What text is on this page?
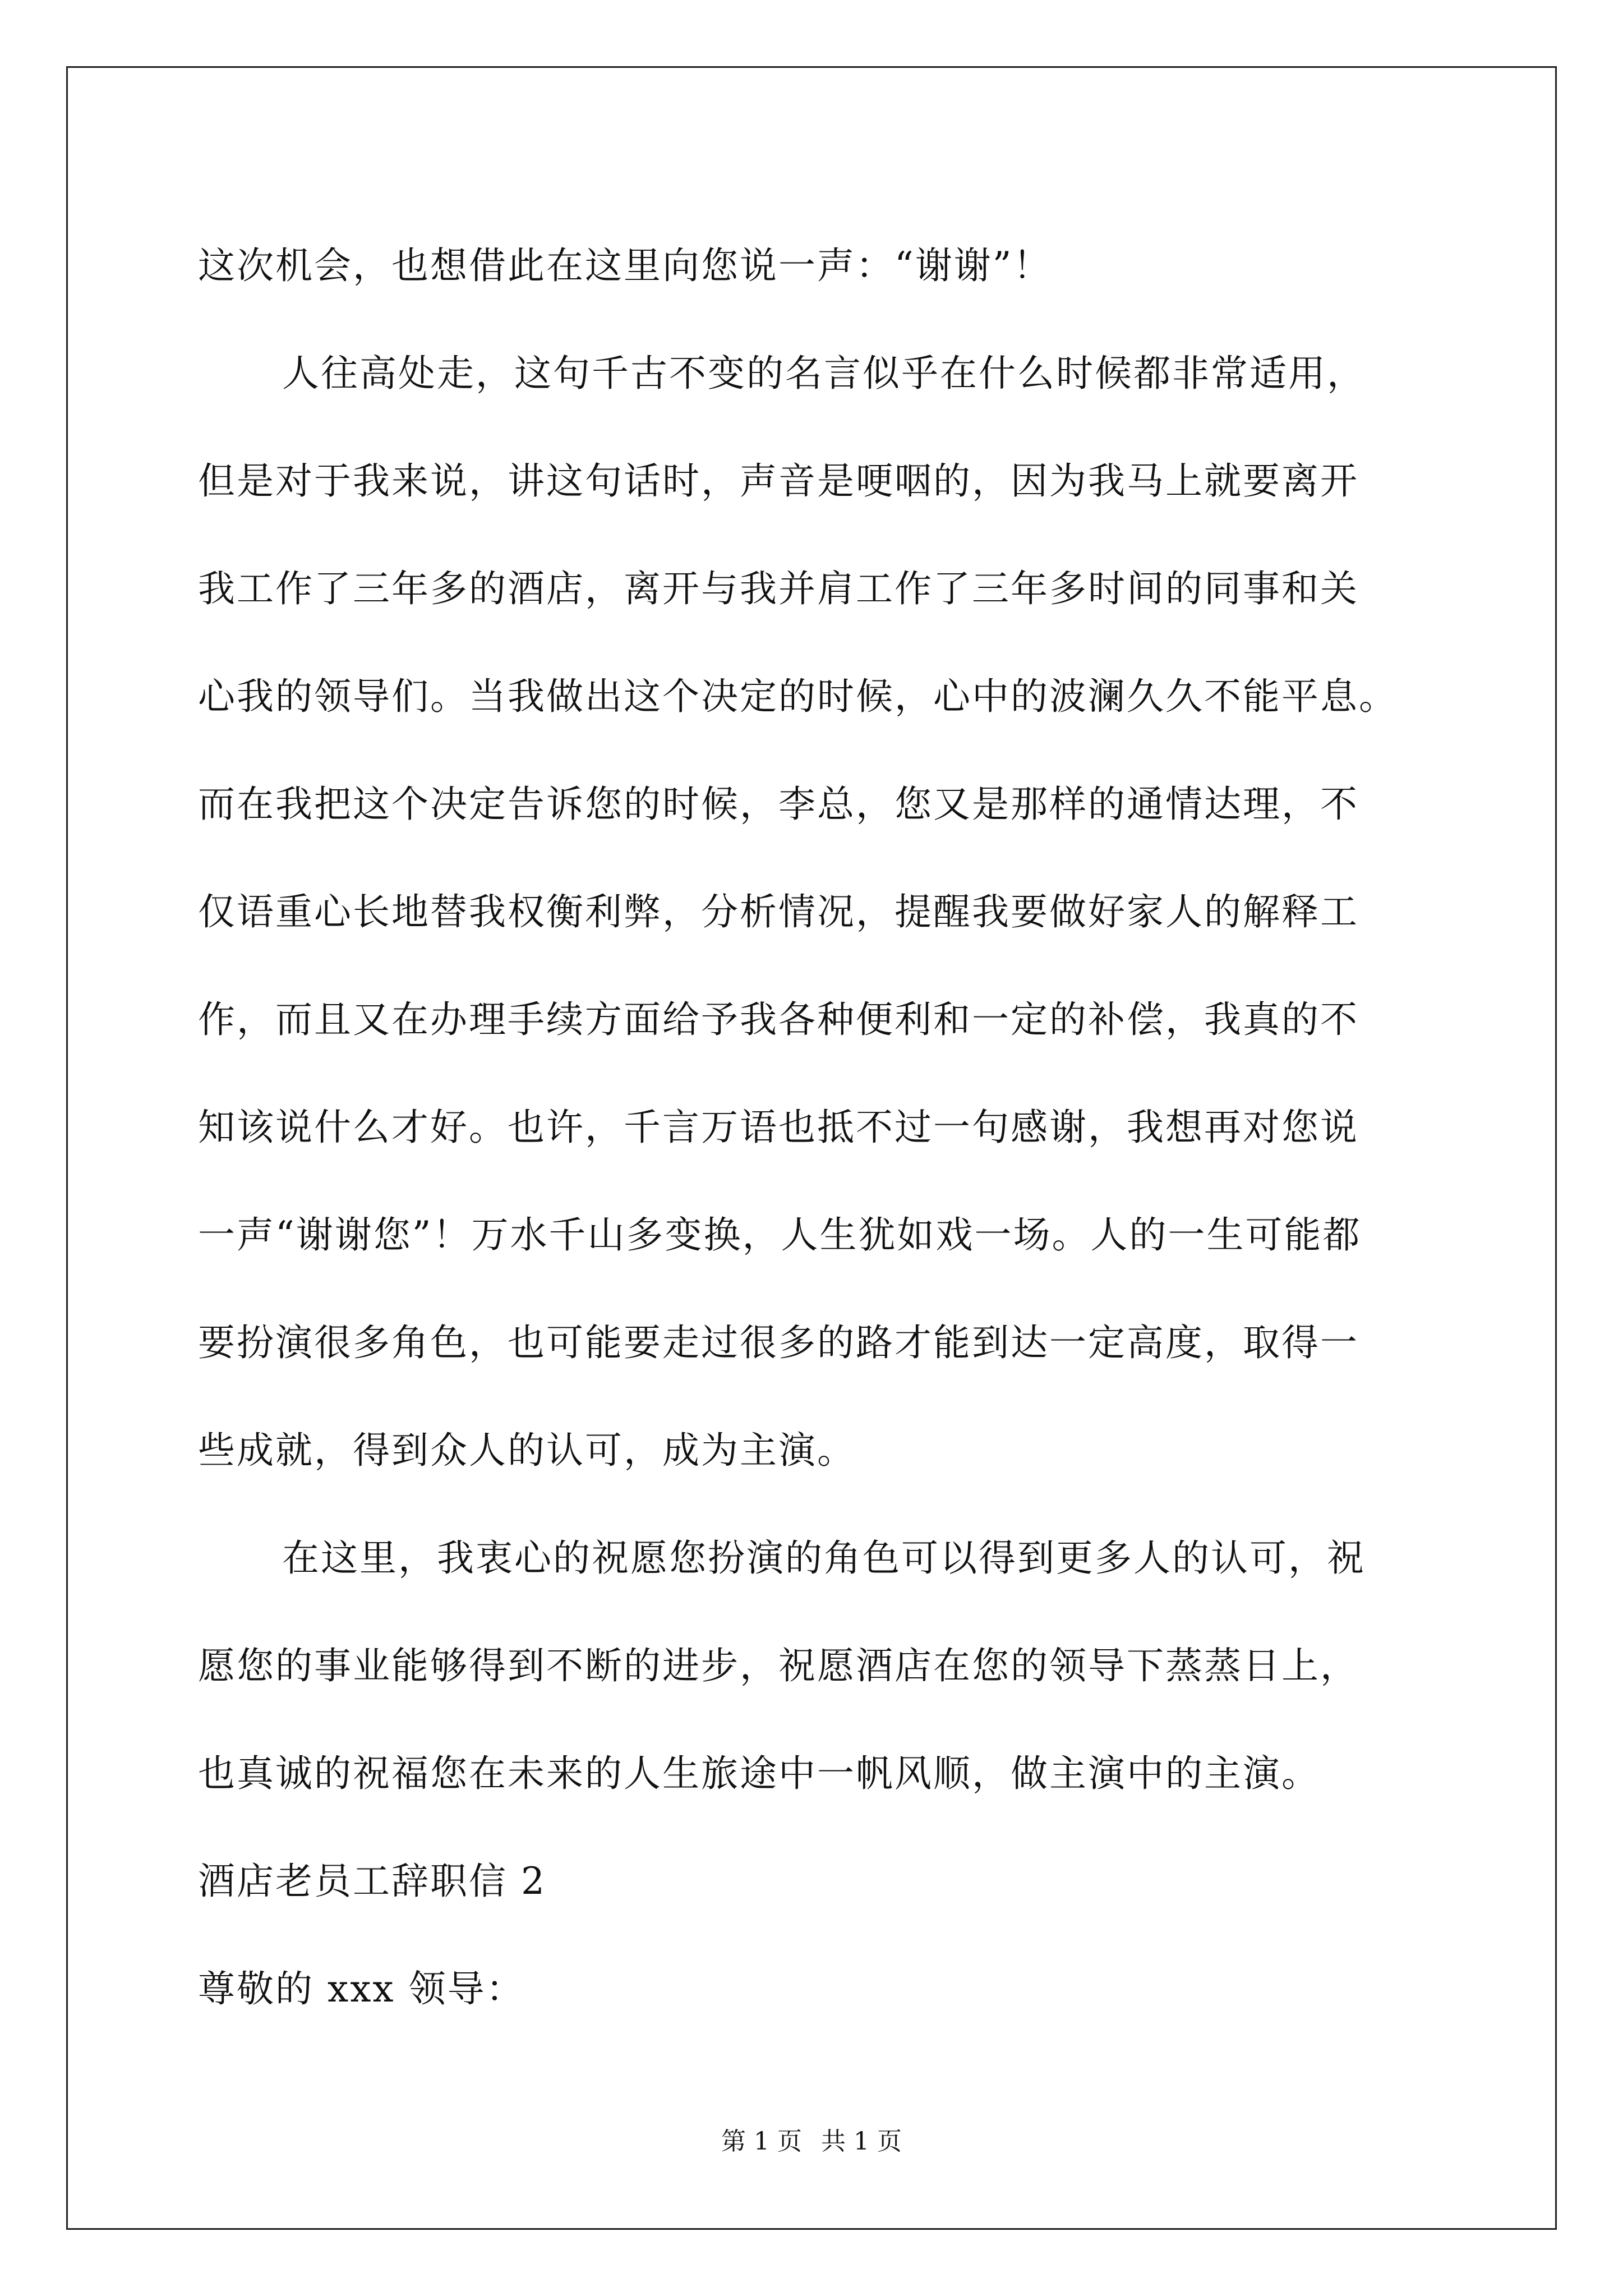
这次机会，也想借此在这里向您说一声：“谢谢”！
人往高处走，这句千古不变的名言似乎在什么时候都非常适用，
但是对于我来说，讲这句话时，声音是哽咽的，因为我马上就要离开
我工作了三年多的酒店，离开与我并肩工作了三年多时间的同事和关
心我的领导们。当我做出这个决定的时候，心中的波澜久久不能平息。
而在我把这个决定告诉您的时候，李总，您又是那样的通情达理，不
仅语重心长地替我权衡利弊，分析情况，提醒我要做好家人的解释工
作，而且又在办理手续方面给予我各种便利和一定的补偿，我真的不
知该说什么才好。也许，千言万语也抵不过一句感谢，我想再对您说
一声“谢谢您”！万水千山多变换，人生犹如戏一场。人的一生可能都
要扮演很多角色，也可能要走过很多的路才能到达一定高度，取得一
些成就，得到众人的认可，成为主演。
在这里，我衷心的祝愿您扮演的角色可以得到更多人的认可，祝
愿您的事业能够得到不断的进步，祝愿酒店在您的领导下蒸蒸日上，
也真诚的祝福您在未来的人生旅途中一帆风顺，做主演中的主演。
酒店老员工辞职信 2
尊敬的 xxx 领导：
第 1 页 共 1 页
